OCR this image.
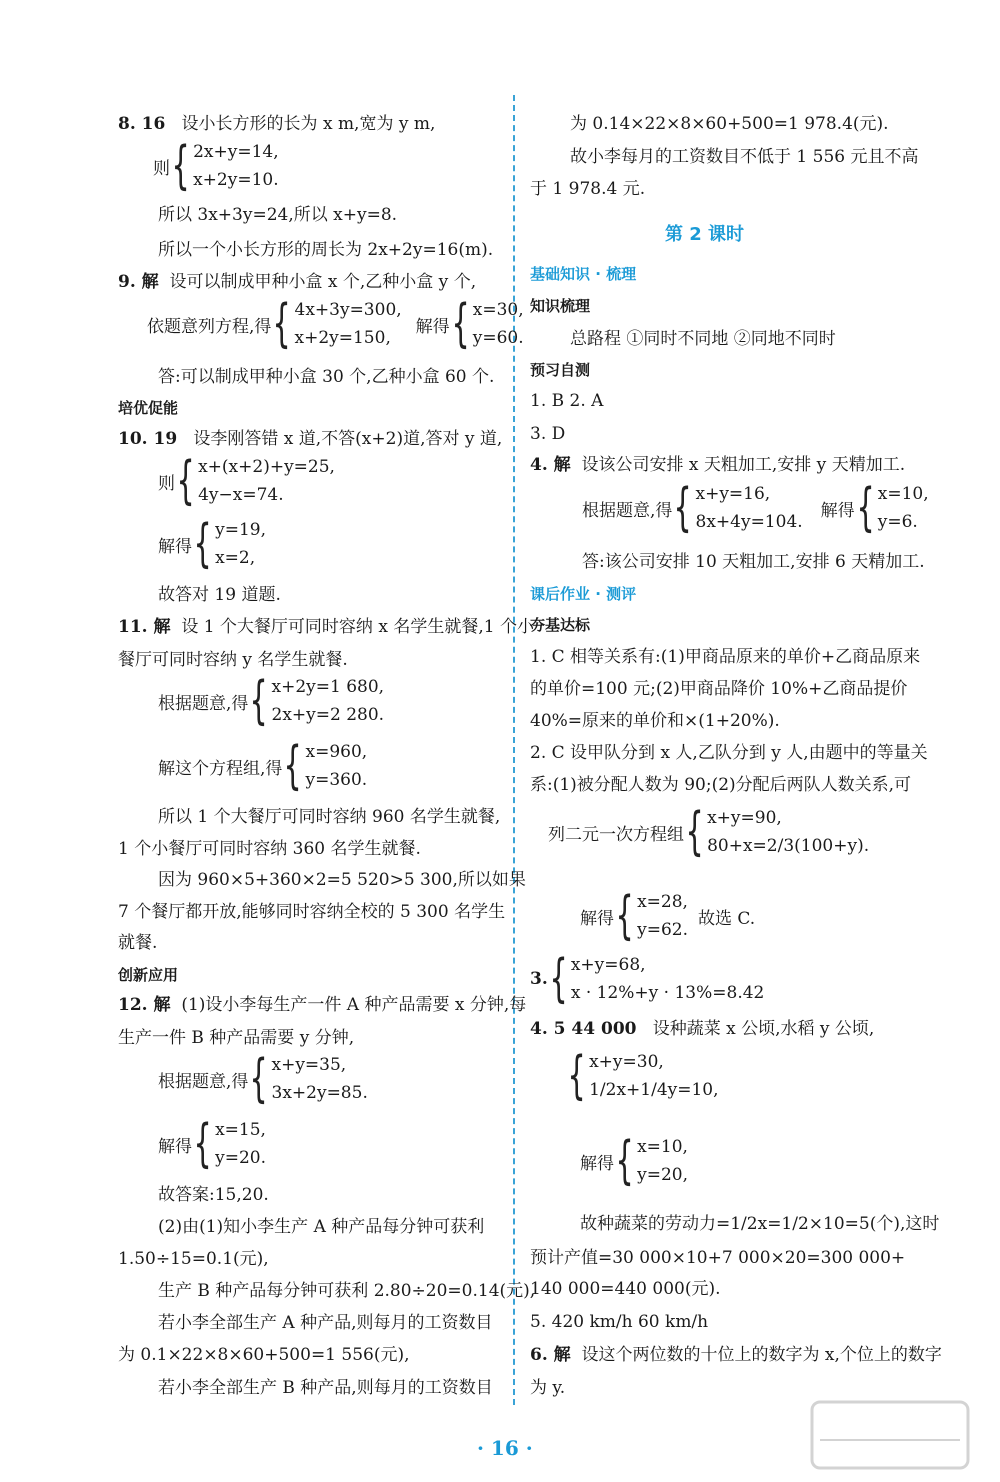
8. 16 设小长方形的长为 x m,宽为 y m,
则 { 2x+y=14,
x+2y=10.
所以 3x+3y=24,所以 x+y=8.
所以一个小长方形的周长为 2x+2y=16(m).
9. 解 设可以制成甲种小盒 x 个,乙种小盒 y 个,
依题意列方程,得 { 4x+3y=300,
x+2y=150,
解得 { x=30,
y=60.
答:可以制成甲种小盒 30 个,乙种小盒 60 个.
培优促能
10. 19 设李刚答错 x 道,不答(x+2)道,答对 y 道,
则 { x+(x+2)+y=25,
4y−x=74.
解得 { y=19,
x=2,
故答对 19 道题.
11. 解 设 1 个大餐厅可同时容纳 x 名学生就餐,1 个小
餐厅可同时容纳 y 名学生就餐.
根据题意,得 { x+2y=1 680,
2x+y=2 280.
解这个方程组,得 { x=960,
y=360.
所以 1 个大餐厅可同时容纳 960 名学生就餐,
1 个小餐厅可同时容纳 360 名学生就餐.
因为 960×5+360×2=5 520>5 300,所以如果
7 个餐厅都开放,能够同时容纳全校的 5 300 名学生
就餐.
创新应用
12. 解 (1)设小李每生产一件 A 种产品需要 x 分钟,每
生产一件 B 种产品需要 y 分钟,
根据题意,得 { x+y=35,
3x+2y=85.
解得 { x=15,
y=20.
故答案:15,20.
(2)由(1)知小李生产 A 种产品每分钟可获利
1.50÷15=0.1(元),
生产 B 种产品每分钟可获利 2.80÷20=0.14(元),
若小李全部生产 A 种产品,则每月的工资数目
为 0.1×22×8×60+500=1 556(元),
若小李全部生产 B 种产品,则每月的工资数目
为 0.14×22×8×60+500=1 978.4(元).
故小李每月的工资数目不低于 1 556 元且不高
于 1 978.4 元.
第 2 课时
基础知识 · 梳理
知识梳理
总路程 ①同时不同地 ②同地不同时
预习自测
1. B 2. A
3. D
4. 解 设该公司安排 x 天粗加工,安排 y 天精加工.
根据题意,得 { x+y=16,
8x+4y=104.
解得 { x=10,
y=6.
答:该公司安排 10 天粗加工,安排 6 天精加工.
课后作业 · 测评
夯基达标
1. C 相等关系有:(1)甲商品原来的单价+乙商品原来
的单价=100 元;(2)甲商品降价 10%+乙商品提价
40%=原来的单价和×(1+20%).
2. C 设甲队分到 x 人,乙队分到 y 人,由题中的等量关
系:(1)被分配人数为 90;(2)分配后两队人数关系,可
列二元一次方程组 { x+y=90,
80+x=2/3(100+y).
解得 { x=28,
y=62.
故选 C.
3. { x+y=68,
x · 12%+y · 13%=8.42
4. 5 44 000 设种蔬菜 x 公顷,水稻 y 公顷,
{ x+y=30,
1/2x+1/4y=10,
解得 { x=10,
y=20,
故种蔬菜的劳动力=1/2x=1/2×10=5(个),这时
预计产值=30 000×10+7 000×20=300 000+
140 000=440 000(元).
5. 420 km/h 60 km/h
6. 解 设这个两位数的十位上的数字为 x,个位上的数字
为 y.
· 16 ·
